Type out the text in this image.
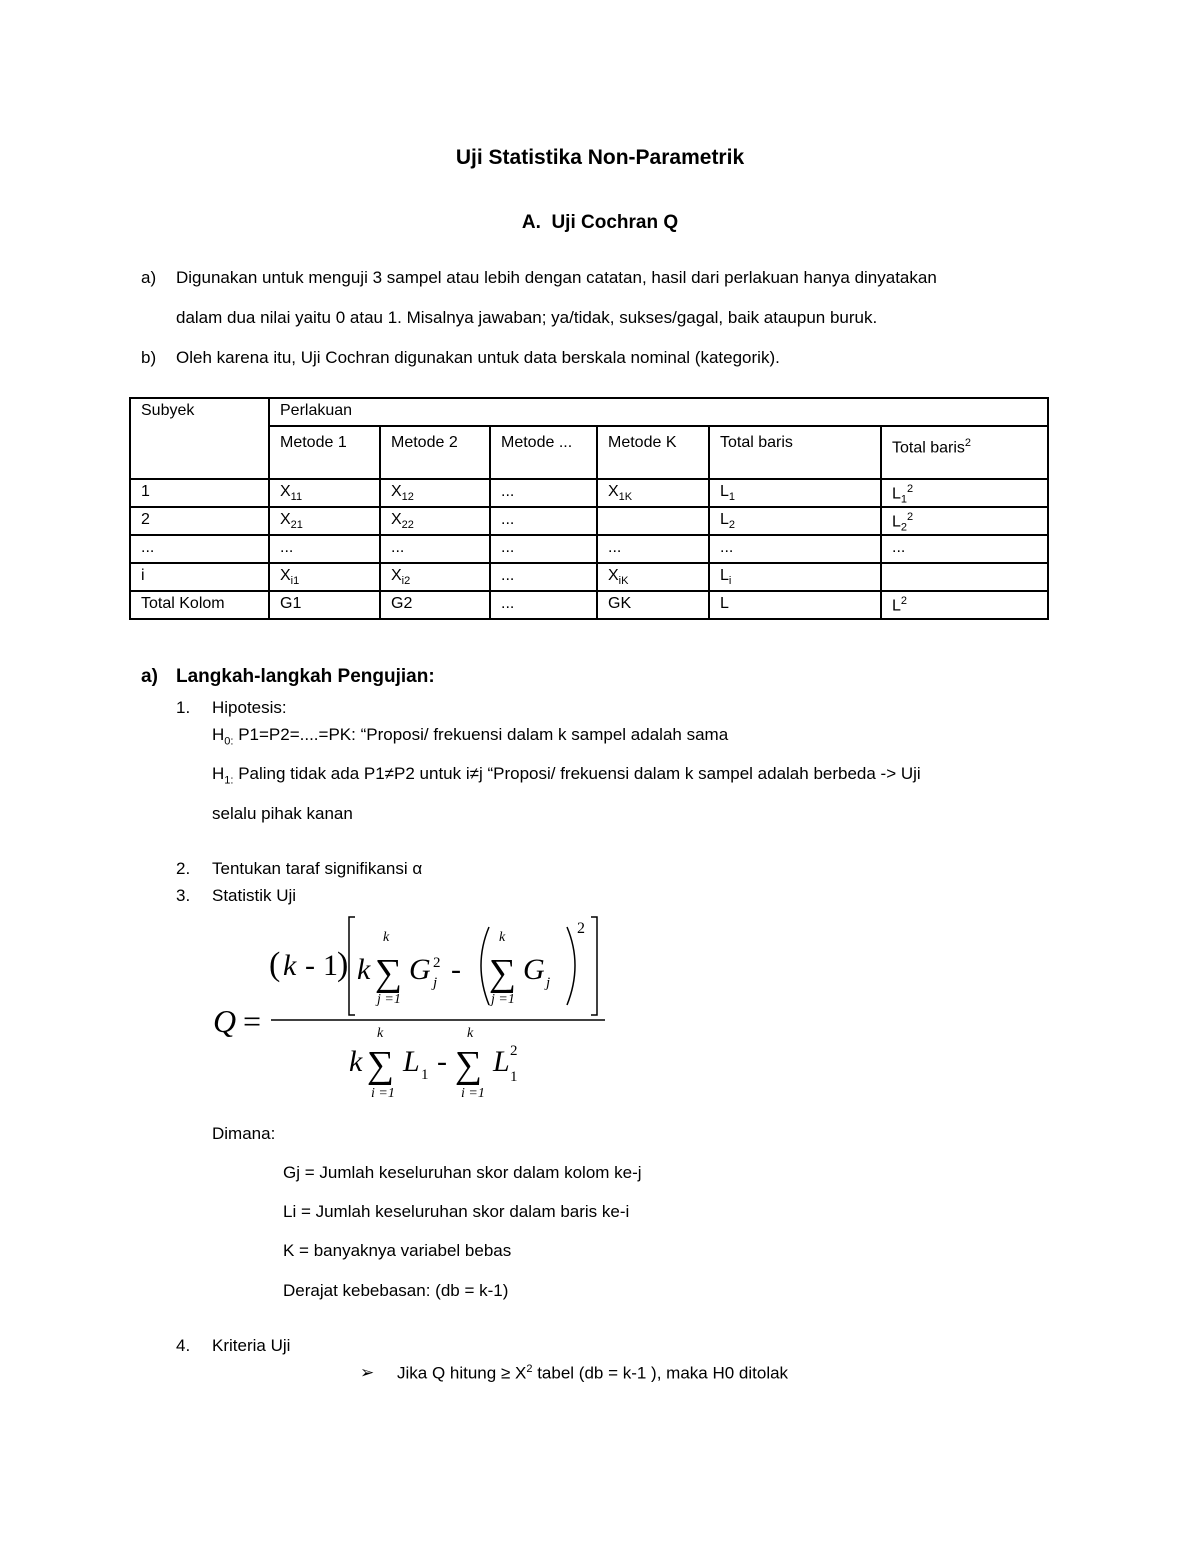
Uji Statistika Non-Parametrik
A. Uji Cochran Q
a) Digunakan untuk menguji 3 sampel atau lebih dengan catatan, hasil dari perlakuan hanya dinyatakan
dalam dua nilai yaitu 0 atau 1. Misalnya jawaban; ya/tidak, sukses/gagal, baik ataupun buruk.
b) Oleh karena itu, Uji Cochran digunakan untuk data berskala nominal (kategorik).
Subyek	Perlakuan					
	Metode 1	Metode 2	Metode ...	Metode K	Total baris	Total baris$^2$
1	$X_{11}$	$X_{12}$	...	$X_{1K}$	$L_1$	$L_1^2$
2	$X_{21}$	$X_{22}$	...		$L_2$	$L_2^2$
...	...	...	...	...	...	...
i	$X_{i1}$	$X_{i2}$	...	$X_{iK}$	$L_i$	
Total Kolom	G1	G2	...	GK	L	$L^2$
a) Langkah-langkah Pengujian:
1. Hipotesis:
$H_{0:}$ P1=P2=....=PK: “Proposi/ frekuensi dalam k sampel adalah sama
$H_{1:}$ Paling tidak ada P1≠P2 untuk i≠j “Proposi/ frekuensi dalam k sampel adalah berbeda -> Uji
selalu pihak kanan
2. Tentukan taraf signifikansi α
3. Statistik Uji
Q =
( k - 1 ) k ∑
k
j =1
G 2
j - ∑
k
j =1
G j
2
k ∑
k
i =1
L 1 - ∑
k
i =1
L 2
1
Dimana:
Gj = Jumlah keseluruhan skor dalam kolom ke-j
Li = Jumlah keseluruhan skor dalam baris ke-i
K = banyaknya variabel bebas
Derajat kebebasan: (db = k-1)
4. Kriteria Uji
➢ Jika Q hitung ≥ $X^2$ tabel (db = k-1 ), maka H0 ditolak
